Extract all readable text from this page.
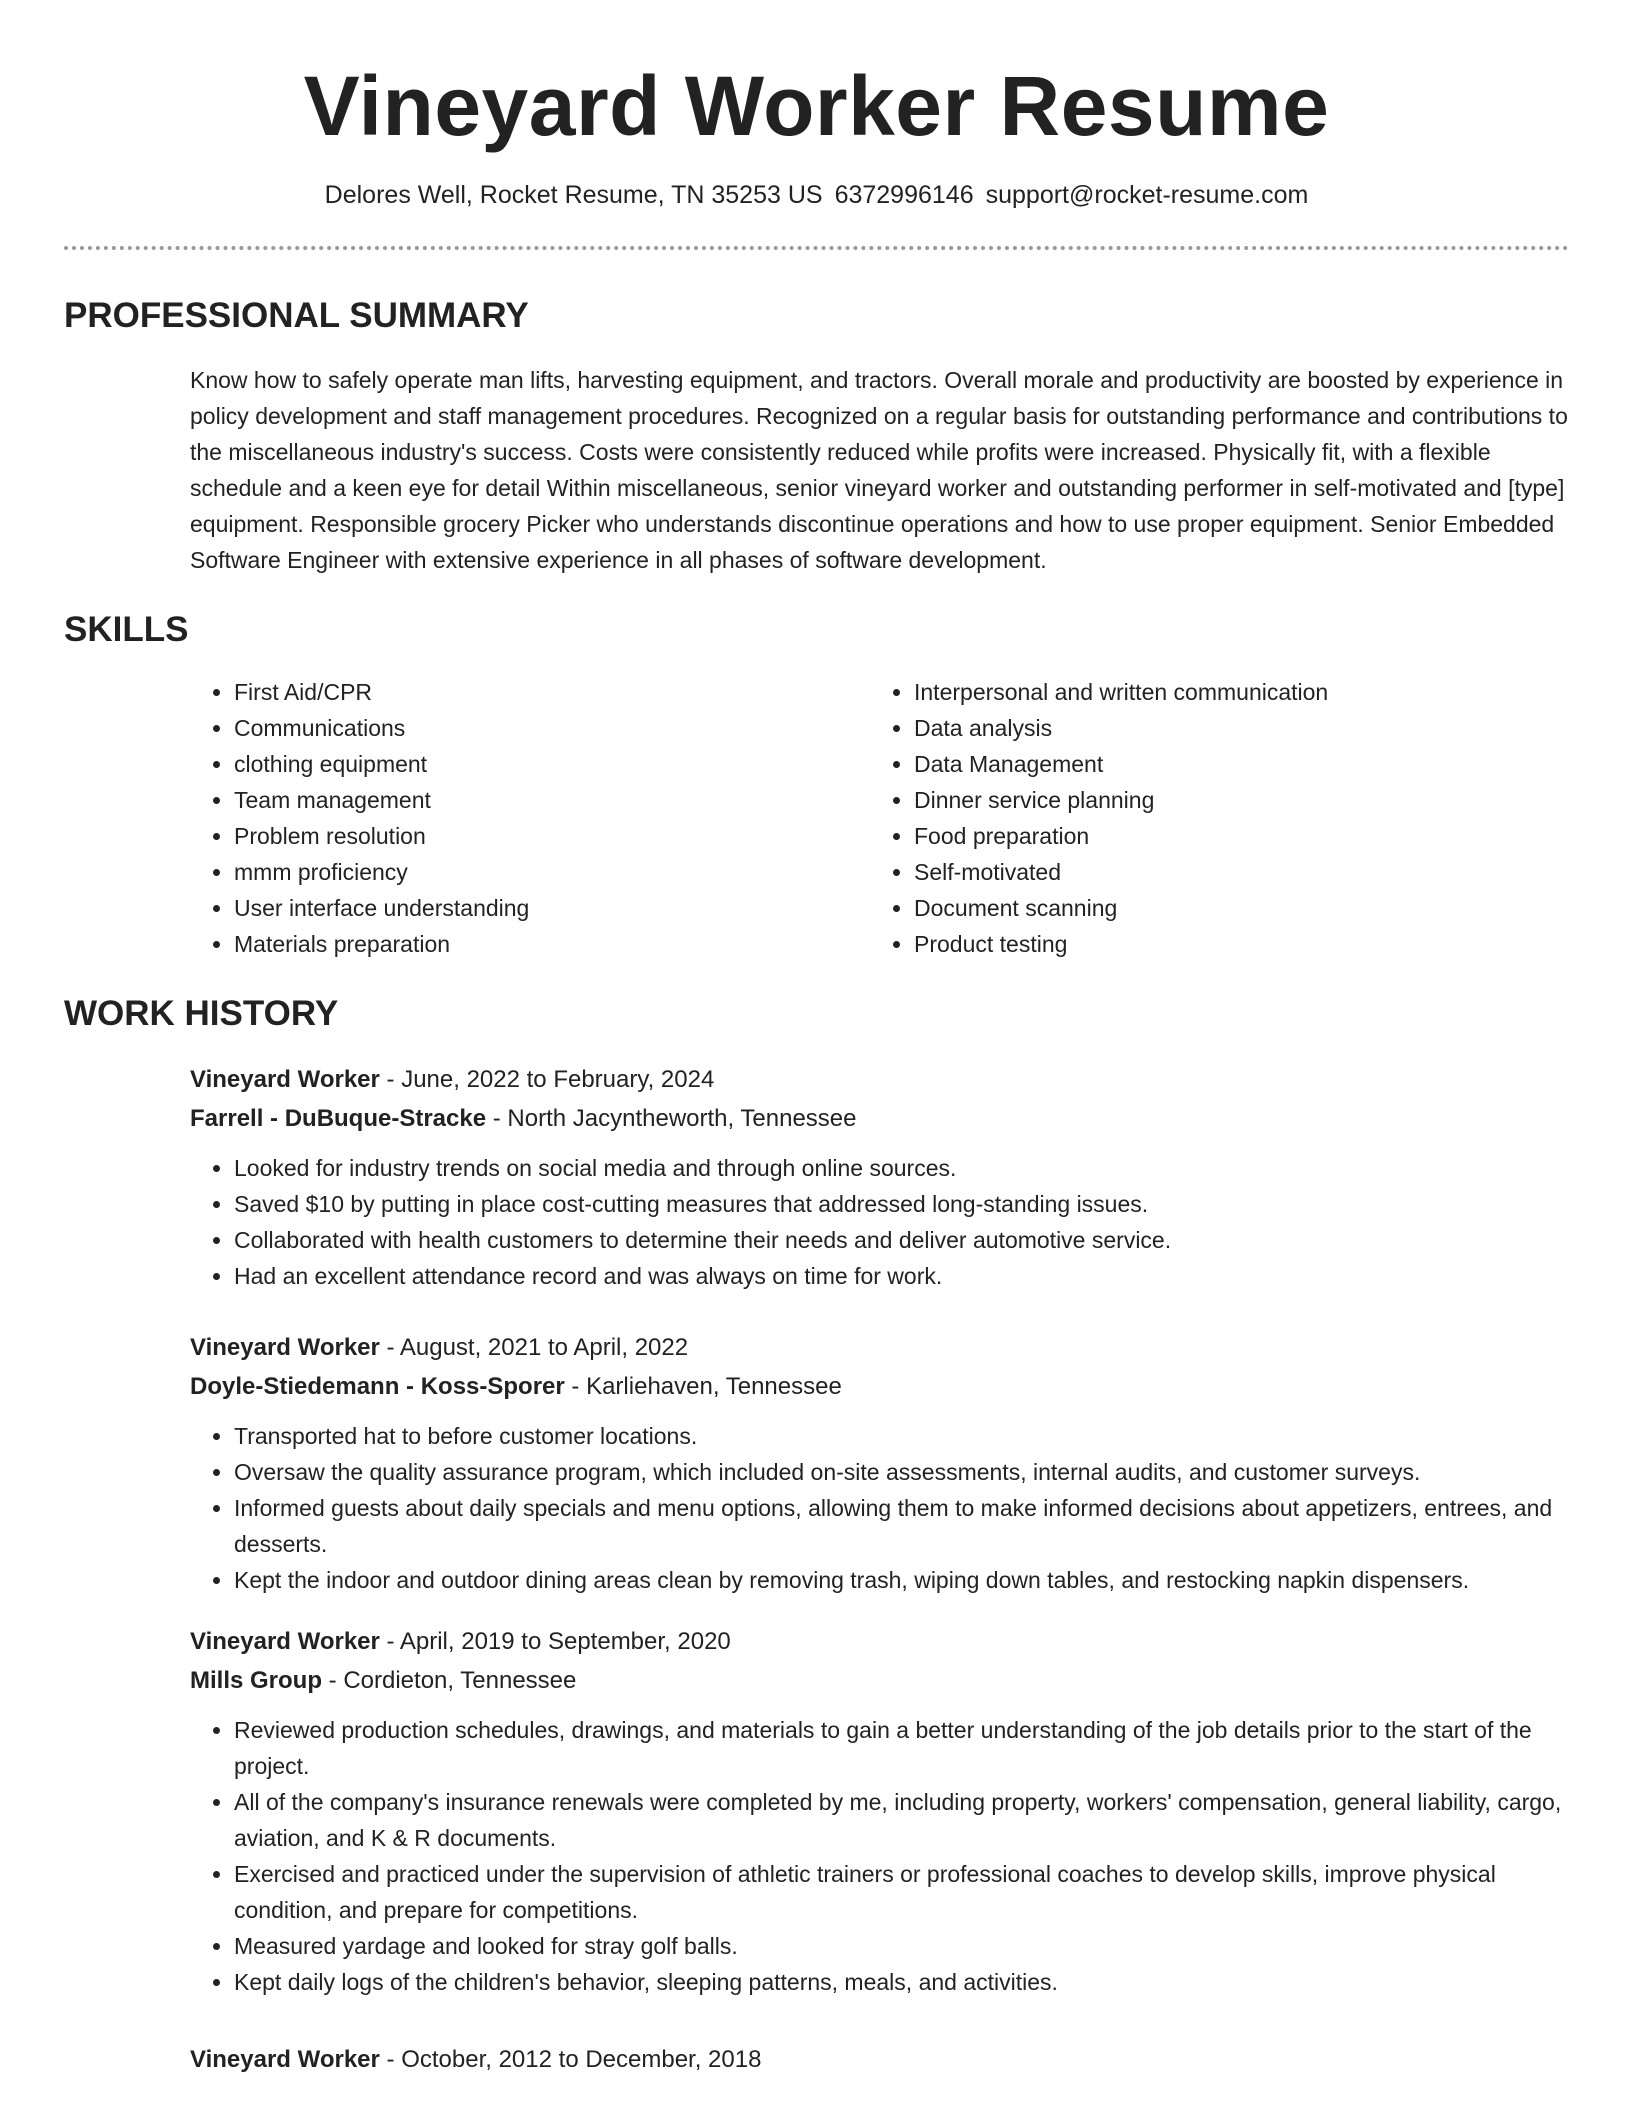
Vineyard Worker Resume
Delores Well, Rocket Resume, TN 35253 US 6372996146 support@rocket-resume.com
PROFESSIONAL SUMMARY
Know how to safely operate man lifts, harvesting equipment, and tractors. Overall morale and productivity are boosted by experience in policy development and staff management procedures. Recognized on a regular basis for outstanding performance and contributions to the miscellaneous industry's success. Costs were consistently reduced while profits were increased. Physically fit, with a flexible schedule and a keen eye for detail Within miscellaneous, senior vineyard worker and outstanding performer in self-motivated and [type] equipment. Responsible grocery Picker who understands discontinue operations and how to use proper equipment. Senior Embedded Software Engineer with extensive experience in all phases of software development.
SKILLS
• First Aid/CPR
• Communications
• clothing equipment
• Team management
• Problem resolution
• mmm proficiency
• User interface understanding
• Materials preparation
• Interpersonal and written communication
• Data analysis
• Data Management
• Dinner service planning
• Food preparation
• Self-motivated
• Document scanning
• Product testing
WORK HISTORY
Vineyard Worker - June, 2022 to February, 2024
Farrell - DuBuque-Stracke - North Jacyntheworth, Tennessee
• Looked for industry trends on social media and through online sources.
• Saved $10 by putting in place cost-cutting measures that addressed long-standing issues.
• Collaborated with health customers to determine their needs and deliver automotive service.
• Had an excellent attendance record and was always on time for work.
Vineyard Worker - August, 2021 to April, 2022
Doyle-Stiedemann - Koss-Sporer - Karliehaven, Tennessee
• Transported hat to before customer locations.
• Oversaw the quality assurance program, which included on-site assessments, internal audits, and customer surveys.
• Informed guests about daily specials and menu options, allowing them to make informed decisions about appetizers, entrees, and desserts.
• Kept the indoor and outdoor dining areas clean by removing trash, wiping down tables, and restocking napkin dispensers.
Vineyard Worker - April, 2019 to September, 2020
Mills Group - Cordieton, Tennessee
• Reviewed production schedules, drawings, and materials to gain a better understanding of the job details prior to the start of the project.
• All of the company's insurance renewals were completed by me, including property, workers' compensation, general liability, cargo, aviation, and K & R documents.
• Exercised and practiced under the supervision of athletic trainers or professional coaches to develop skills, improve physical condition, and prepare for competitions.
• Measured yardage and looked for stray golf balls.
• Kept daily logs of the children's behavior, sleeping patterns, meals, and activities.
Vineyard Worker - October, 2012 to December, 2018
